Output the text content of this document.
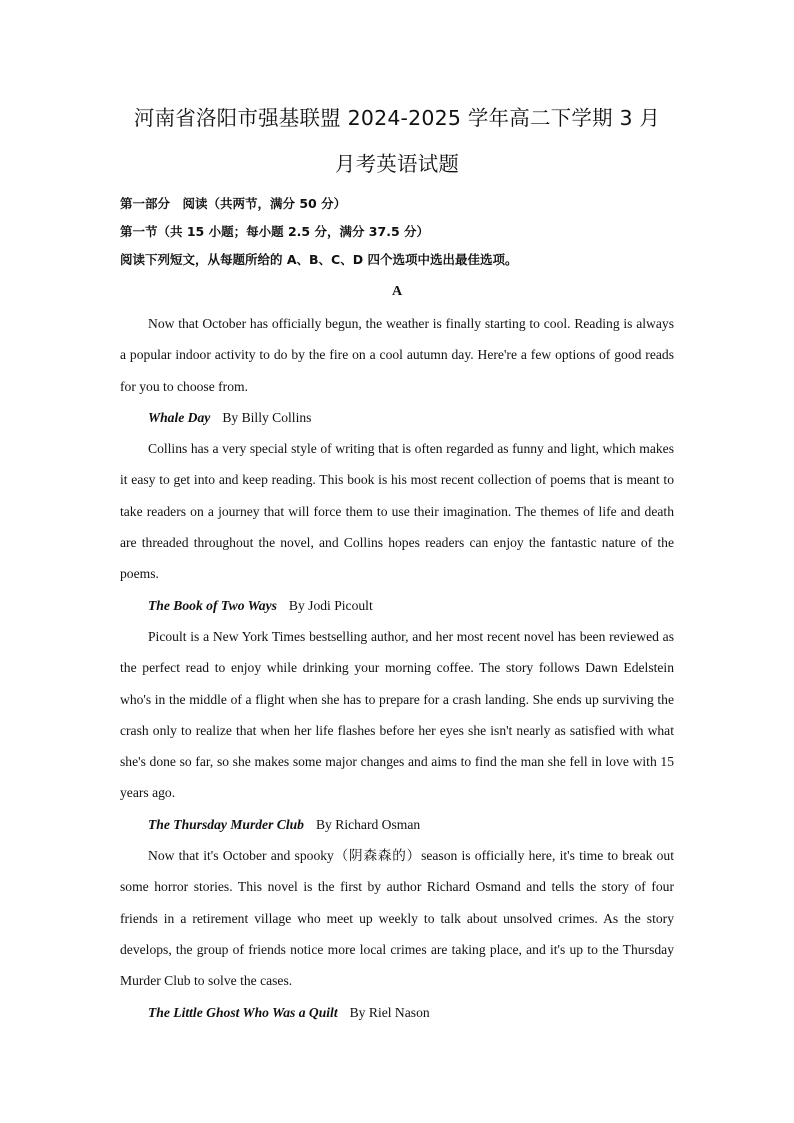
河南省洛阳市强基联盟 2024-2025 学年高二下学期 3 月
月考英语试题

第一部分　阅读（共两节，满分 50 分）

第一节（共 15 小题；每小题 2.5 分，满分 37.5 分）

阅读下列短文，从每题所给的 A、B、C、D 四个选项中选出最佳选项。

A

Now that October has officially begun, the weather is finally starting to cool. Reading is always a popular indoor activity to do by the fire on a cool autumn day. Here're a few options of good reads for you to choose from.

Whale Day By Billy Collins

Collins has a very special style of writing that is often regarded as funny and light, which makes it easy to get into and keep reading. This book is his most recent collection of poems that is meant to take readers on a journey that will force them to use their imagination. The themes of life and death are threaded throughout the novel, and Collins hopes readers can enjoy the fantastic nature of the poems.

The Book of Two Ways By Jodi Picoult

Picoult is a New York Times bestselling author, and her most recent novel has been reviewed as the perfect read to enjoy while drinking your morning coffee. The story follows Dawn Edelstein who's in the middle of a flight when she has to prepare for a crash landing. She ends up surviving the crash only to realize that when her life flashes before her eyes she isn't nearly as satisfied with what she's done so far, so she makes some major changes and aims to find the man she fell in love with 15 years ago.

The Thursday Murder Club By Richard Osman

Now that it's October and spooky（阴森森的）season is officially here, it's time to break out some horror stories. This novel is the first by author Richard Osmand and tells the story of four friends in a retirement village who meet up weekly to talk about unsolved crimes. As the story develops, the group of friends notice more local crimes are taking place, and it's up to the Thursday Murder Club to solve the cases.

The Little Ghost Who Was a Quilt By Riel Nason
